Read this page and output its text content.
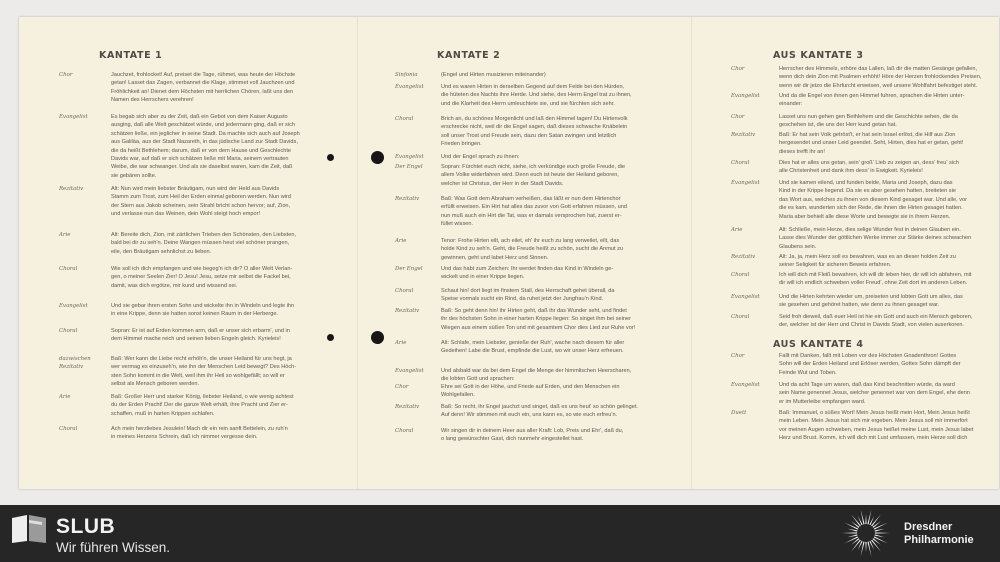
KANTATE 1
Chor	Jauchzet, frohlocket! Auf, preiset die Tage, rühmet, was heute der Höchste
getan! Lasset das Zagen, verbannet die Klage, stimmet voll Jauchzen und
Fröhlichkeit an! Dienet dem Höchsten mit herrlichen Chören, laßt uns den
Namen des Herrschers verehren!
Evangelist	Es begab sich aber zu der Zeit, daß ein Gebot von dem Kaiser Augusto
ausging, daß alle Welt geschätzet würde, und jedermann ging, daß er sich
schätzen ließe, ein jeglicher in seine Stadt. Da machte sich auch auf Joseph
aus Galiläa, aus der Stadt Nazareth, in das jüdische Land zur Stadt Davids,
die da heißt Bethlehem; darum, daß er von dem Hause und Geschlechte
Davids war, auf daß er sich schätzen ließe mit Maria, seinem vertrauten
Weibe, die war schwanger. Und als sie daselbst waren, kam die Zeit, daß
sie gebären sollte.
Rezitativ	Alt: Nun wird mein liebster Bräutigam, nun wird der Held aus Davids
Stamm zum Trost, zum Heil der Erden einmal geboren werden. Nun wird
der Stern aus Jakob scheinen, sein Strahl bricht schon hervor; auf, Zion,
und verlasse nun das Weinen, dein Wohl steigt hoch empor!
Arie	Alt: Bereite dich, Zion, mit zärtlichen Trieben den Schönsten, den Liebsten,
bald bei dir zu seh'n. Deine Wangen müssen heut viel schöner prangen,
eile, den Bräutigam sehnlichst zu lieben.
Choral	Wie soll ich dich empfangen und wie begeg'n ich dir? O aller Welt Verlan-
gen, o meiner Seelen Zier! O Jesu! Jesu, setze mir selbst die Fackel bei,
damit, was dich ergötze, mir kund und wissend sei.
Evangelist	Und sie gebar ihren ersten Sohn und wickelte ihn in Windeln und legte ihn
in eine Krippe, denn sie hatten sonst keinen Raum in der Herberge.
Choral	Sopran: Er ist auf Erden kommen arm, daß er unser sich erbarm', und in
dem Himmel mache reich und seinen lieben Engeln gleich. Kyrieleis!
dazwischen
Rezitativ
Baß: Wer kann die Liebe recht erhöh'n, die unser Heiland für uns hegt, ja
wer vermag es einzuseh'n, wie ihn der Menschen Leid bewegt? Des Höch-
sten Sohn kommt in die Welt, weil ihm ihr Heil so wohlgefällt; so will er
selbst als Mensch geboren werden.
Arie	Baß: Großer Herr und starker König, liebster Heiland, o wie wenig achtest
du der Erden Pracht! Der die ganze Welt erhält, ihre Pracht und Zier er-
schaffen, muß in harten Krippen schlafen.
Choral	Ach mein herzliebes Jesulein! Mach dir ein rein sanft Bettelein, zu ruh'n
in meines Herzens Schrein, daß ich nimmer vergesse dein.
KANTATE 2
Sinfonia	(Engel und Hirten musizieren miteinander)
Evangelist	Und es waren Hirten in derselben Gegend auf dem Felde bei den Hürden,
die hüteten des Nachts ihre Herde. Und siehe, des Herrn Engel trat zu ihnen,
und die Klarheit des Herrn umleuchtete sie, und sie fürchten sich sehr.
Choral	Brich an, du schönes Morgenlicht und laß den Himmel tagen! Du Hirtenvolk
erschrecke nicht, weil dir die Engel sagen, daß dieses schwache Knäbelein
soll unser Trost und Freude sein, dazu den Satan zwingen und letztlich
Frieden bringen.
Evangelist	Und der Engel sprach zu ihnen:
Der Engel	Sopran: Fürchtet euch nicht, siehe, ich verkündige euch große Freude, die
allem Volke widerfahren wird. Denn euch ist heute der Heiland geboren,
welcher ist Christus, der Herr in der Stadt Davids.
Rezitativ	Baß: Was Gott dem Abraham verheißen, das läßt er nun dem Hirtenchor
erfüllt erweisen. Ein Hirt hat alles das zuvor von Gott erfahren müssen, und
nun muß auch ein Hirt die Tat, was er damals versprochen hat, zuerst er-
füllet wissen.
Arie	Tenor: Frohe Hirten eilt, ach eilet, eh' ihr euch zu lang verweilet, eilt, das
holde Kind zu seh'n. Geht, die Freude heißt zu schön, sucht die Anmut zu
gewinnen, geht und labet Herz und Sinnen.
Der Engel	Und das habt zum Zeichen: Ihr werdet finden das Kind in Windeln ge-
wickelt und in einer Krippe liegen.
Choral	Schaut hin! dort liegt im finstern Stall, des Herrschaft gehet überall, da
Speise vormals sucht ein Rind, da ruhet jetzt der Jungfrau'n Kind.
Rezitativ	Baß: So geht denn hin! ihr Hirten geht, daß ihr das Wunder seht, und findet
ihr des höchsten Sohn in einer harten Krippe liegen: So singet ihm bei seiner
Wiegen aus einem süßen Ton und mit gesamtem Chor dies Lied zur Ruhe vor!
Arie	Alt: Schlafe, mein Liebster, genieße der Ruh', wache nach diesem für aller
Gedeihen! Labe die Brust, empfinde die Lust, wo wir unser Herz erfreuen.
Evangelist	Und alsbald war da bei dem Engel die Menge der himmlischen Heerscharen,
die lobten Gott und sprachen:
Chor	Ehre sei Gott in der Höhe, und Friede auf Erden, und den Menschen ein
Wohlgefallen.
Rezitativ	Baß: So recht, ihr Engel jauchzt und singet, daß es uns heut' so schön gelinget.
Auf denn! Wir stimmen mit euch ein, uns kann es, so wie euch erfreu'n.
Choral	Wir singen dir in deinem Heer aus aller Kraft: Lob, Preis und Ehr', daß du,
o lang gewünschter Gast, dich nunmehr eingestellet hast.
AUS KANTATE 3
Chor	Herrscher des Himmels, erhöre das Lallen, laß dir die matten Gesänge gefallen,
wenn dich dein Zion mit Psalmen erhöht! Höre der Herzen frohlockendes Preisen,
wenn wir dir jetzo die Ehrfurcht erweisen, weil unsere Wohlfahrt befestiget steht.
Evangelist	Und da die Engel von ihnen gen Himmel fuhren, sprachen die Hirten unter-
einander:
Chor	Lasset uns nun gehen gen Bethlehem und die Geschichte sehen, die da
geschehen ist, die uns der Herr kund getan hat.
Rezitativ	Baß: Er hat sein Volk getröst't, er hat sein Israel erlöst, die Hilf aus Zion
hergesendet und unser Leid geendet. Seht, Hirten, dies hat er getan, geht!
dieses trefft ihr an!
Choral	Dies hat er alles uns getan, sein' groß' Lieb zu zeigen an, dess' freu' sich
alle Christenheit und dank ihm dess' in Ewigkeit. Kyrieleis!
Evangelist	Und sie kamen eilend, und funden beide, Maria und Joseph, dazu das
Kind in der Krippe liegend. Da sie es aber gesehen hatten, breiteten sie
das Wort aus, welches zu ihnen von diesem Kind gesaget war. Und alle, vor
die es kam, wunderten sich der Rede, die ihnen die Hirten gesaget hatten.
Maria aber behielt alle diese Worte und bewegte sie in ihrem Herzen.
Arie	Alt: Schließe, mein Herze, dies selige Wunder fest in deinen Glauben ein.
Lasse dies Wunder der göttlichen Werke immer zur Stärke deines schwachen
Glaubens sein.
Rezitativ	Alt: Ja, ja, mein Herz soll es bewahren, was es an dieser holden Zeit zu
seiner Seligkeit für sicheren Beweis erfahren.
Choral	Ich will dich mit Fleiß bewahren, ich will dir leben hier, dir will ich abfahren, mit
dir will ich endlich schweben voller Freud', ohne Zeit dort im anderen Leben.
Evangelist	Und die Hirten kehrten wieder um, preiseten und lobten Gott um alles, das
sie gesehen und gehöret hatten, wie denn zu ihnen gesaget war.
Choral	Seid froh dieweil, daß euer Heil ist hie ein Gott und auch ein Mensch geboren,
der, welcher ist der Herr und Christ in Davids Stadt, von vielen auserkoren.
AUS KANTATE 4
Chor	Fallt mit Danken, fallt mit Loben vor des Höchsten Gnadenthron! Gottes
Sohn will der Erden Heiland und Erlöser werden, Gottes Sohn dämpft der
Feinde Wut und Toben.
Evangelist	Und da acht Tage um waren, daß das Kind beschnitten würde, da ward
sein Name genennet Jesus, welcher genennet war von dem Engel, ehe denn
er im Mutterleibe empfangen ward.
Duett	Baß: Immanuel, o süßes Wort! Mein Jesus heißt mein Hort, Mein Jesus heißt
mein Leben. Mein Jesus hat sich mir ergeben. Mein Jesus soll mir immerfort
vor meinen Augen schweben, mein Jesus heißet meine Lust, mein Jesus labet
Herz und Brust. Komm, ich will dich mit Lust umfassen, mein Herze soll dich
SLUB
Wir führen Wissen.
Dresdner
Philharmonie
